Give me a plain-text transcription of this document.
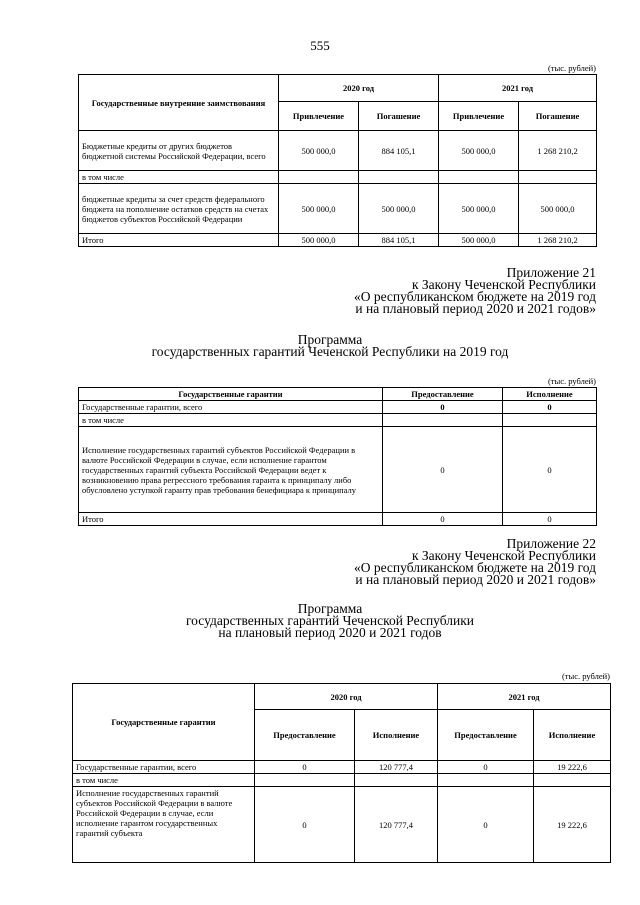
555
(тыс. рублей)
Государственные внутренние заимствования	2020 год		2021 год	
	Привлечение	Погашение	Привлечение	Погашение
Бюджетные кредиты от других бюджетов бюджетной системы Российской Федерации, всего	500 000,0	884 105,1	500 000,0	1 268 210,2
в том числе				
бюджетные кредиты за счет средств федерального бюджета на пополнение остатков средств на счетах бюджетов субъектов Российской Федерации	500 000,0	500 000,0	500 000,0	500 000,0
Итого	500 000,0	884 105,1	500 000,0	1 268 210,2
Приложение 21
к Закону Чеченской Республики
«О республиканском бюджете на 2019 год
и на плановый период 2020 и 2021 годов»
Программа
государственных гарантий Чеченской Республики на 2019 год
(тыс. рублей)
Государственные гарантии	Предоставление	Исполнение
Государственные гарантии, всего	0	0
в том числе		
Исполнение государственных гарантий субъектов Российской Федерации в валюте Российской Федерации в случае, если исполнение гарантом государственных гарантий субъекта Российской Федерации ведет к возникновению права регрессного требования гаранта к принципалу либо обусловлено уступкой гаранту прав требования бенефициара к принципалу	0	0
Итого	0	0
Приложение 22
к Закону Чеченской Республики
«О республиканском бюджете на 2019 год
и на плановый период 2020 и 2021 годов»
Программа
государственных гарантий Чеченской Республики
на плановый период 2020 и 2021 годов
(тыс. рублей)
Государственные гарантии	2020 год		2021 год	
	Предоставление	Исполнение	Предоставление	Исполнение
Государственные гарантии, всего	0	120 777,4	0	19 222,6
в том числе				
Исполнение государственных гарантий субъектов Российской Федерации в валюте Российской Федерации в случае, если исполнение гарантом государственных гарантий субъекта	0	120 777,4	0	19 222,6
